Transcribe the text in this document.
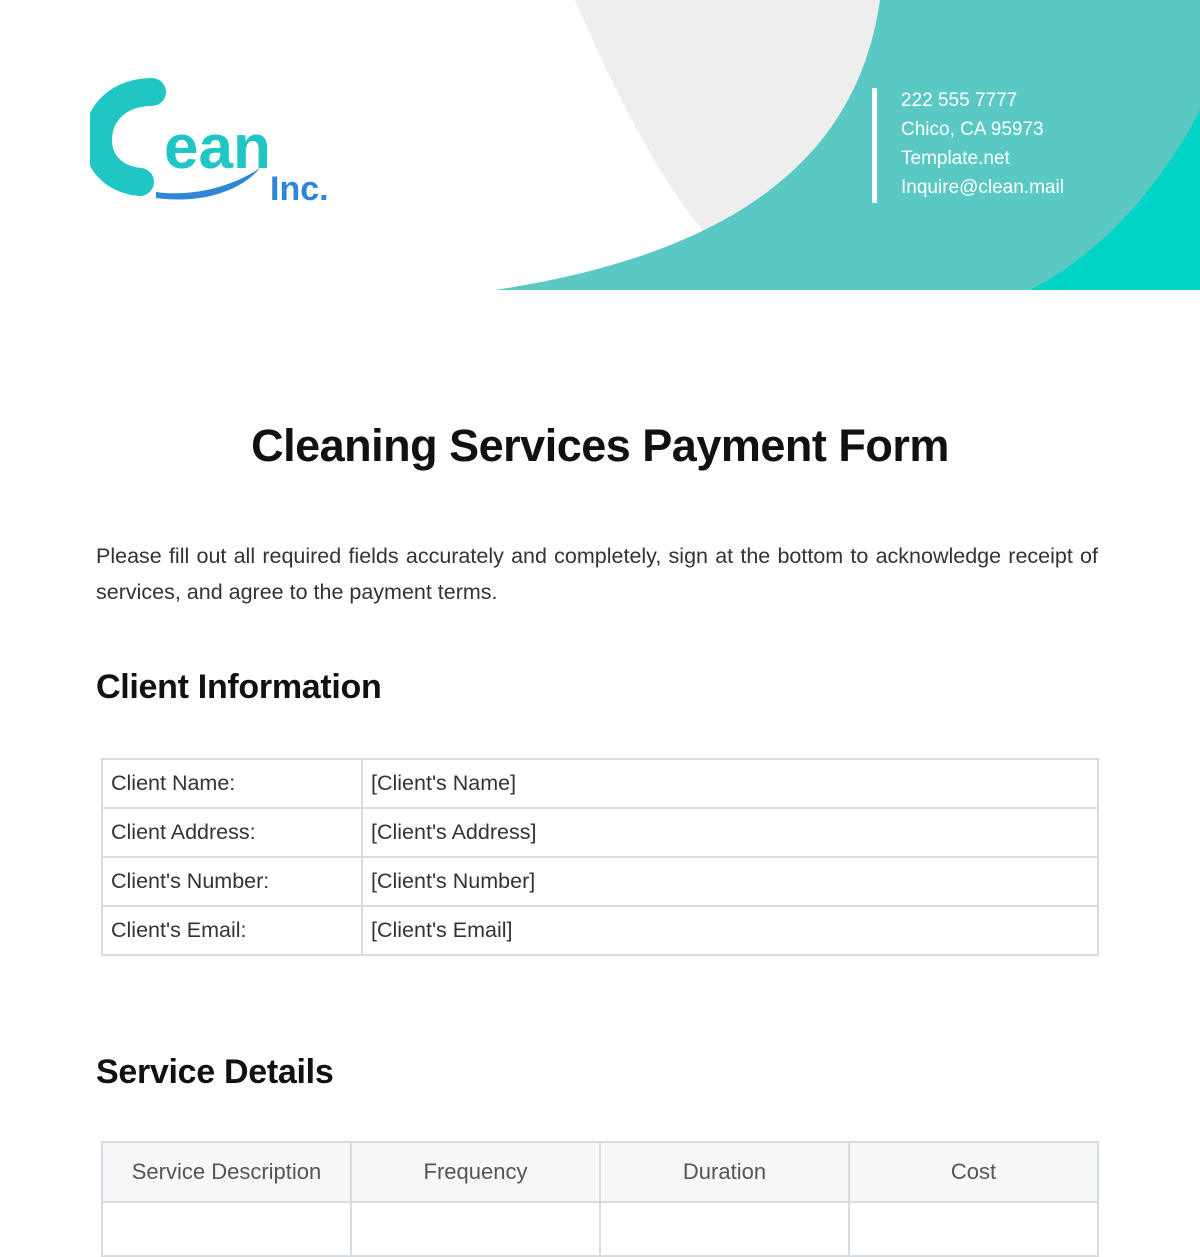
ean
Inc.
222 555 7777
Chico, CA 95973
Template.net
Inquire@clean.mail
Cleaning Services Payment Form

Please fill out all required fields accurately and completely, sign at the bottom to acknowledge receipt of services, and agree to the payment terms.

Client Information
Client Name:	[Client's Name]
Client Address:	[Client's Address]
Client's Number:	[Client's Number]
Client's Email:	[Client's Email]
Service Details
Service Description	Frequency	Duration	Cost
